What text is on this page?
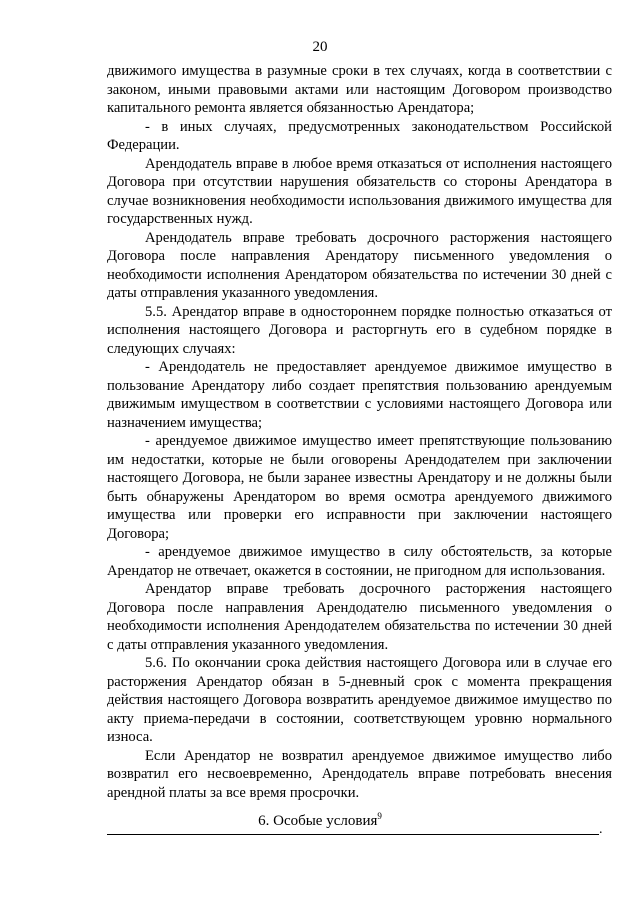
20

движимого имущества в разумные сроки в тех случаях, когда в соответствии с законом, иными правовыми актами или настоящим Договором производство капитального ремонта является обязанностью Арендатора;

- в иных случаях, предусмотренных законодательством Российской Федерации.

Арендодатель вправе в любое время отказаться от исполнения настоящего Договора при отсутствии нарушения обязательств со стороны Арендатора в случае возникновения необходимости использования движимого имущества для государственных нужд.

Арендодатель вправе требовать досрочного расторжения настоящего Договора после направления Арендатору письменного уведомления о необходимости исполнения Арендатором обязательства по истечении 30 дней с даты отправления указанного уведомления.

5.5. Арендатор вправе в одностороннем порядке полностью отказаться от исполнения настоящего Договора и расторгнуть его в судебном порядке в следующих случаях:

- Арендодатель не предоставляет арендуемое движимое имущество в пользование Арендатору либо создает препятствия пользованию арендуемым движимым имуществом в соответствии с условиями настоящего Договора или назначением имущества;

- арендуемое движимое имущество имеет препятствующие пользованию им недостатки, которые не были оговорены Арендодателем при заключении настоящего Договора, не были заранее известны Арендатору и не должны были быть обнаружены Арендатором во время осмотра арендуемого движимого имущества или проверки его исправности при заключении настоящего Договора;

- арендуемое движимое имущество в силу обстоятельств, за которые Арендатор не отвечает, окажется в состоянии, не пригодном для использования.

Арендатор вправе требовать досрочного расторжения настоящего Договора после направления Арендодателю письменного уведомления о необходимости исполнения Арендодателем обязательства по истечении 30 дней с даты отправления указанного уведомления.

5.6. По окончании срока действия настоящего Договора или в случае его расторжения Арендатор обязан в 5-дневный срок с момента прекращения действия настоящего Договора возвратить арендуемое движимое имущество по акту приема-передачи в состоянии, соответствующем уровню нормального износа.

Если Арендатор не возвратил арендуемое движимое имущество либо возвратил его несвоевременно, Арендодатель вправе потребовать внесения арендной платы за все время просрочки.

6. Особые условия$^9$
.
